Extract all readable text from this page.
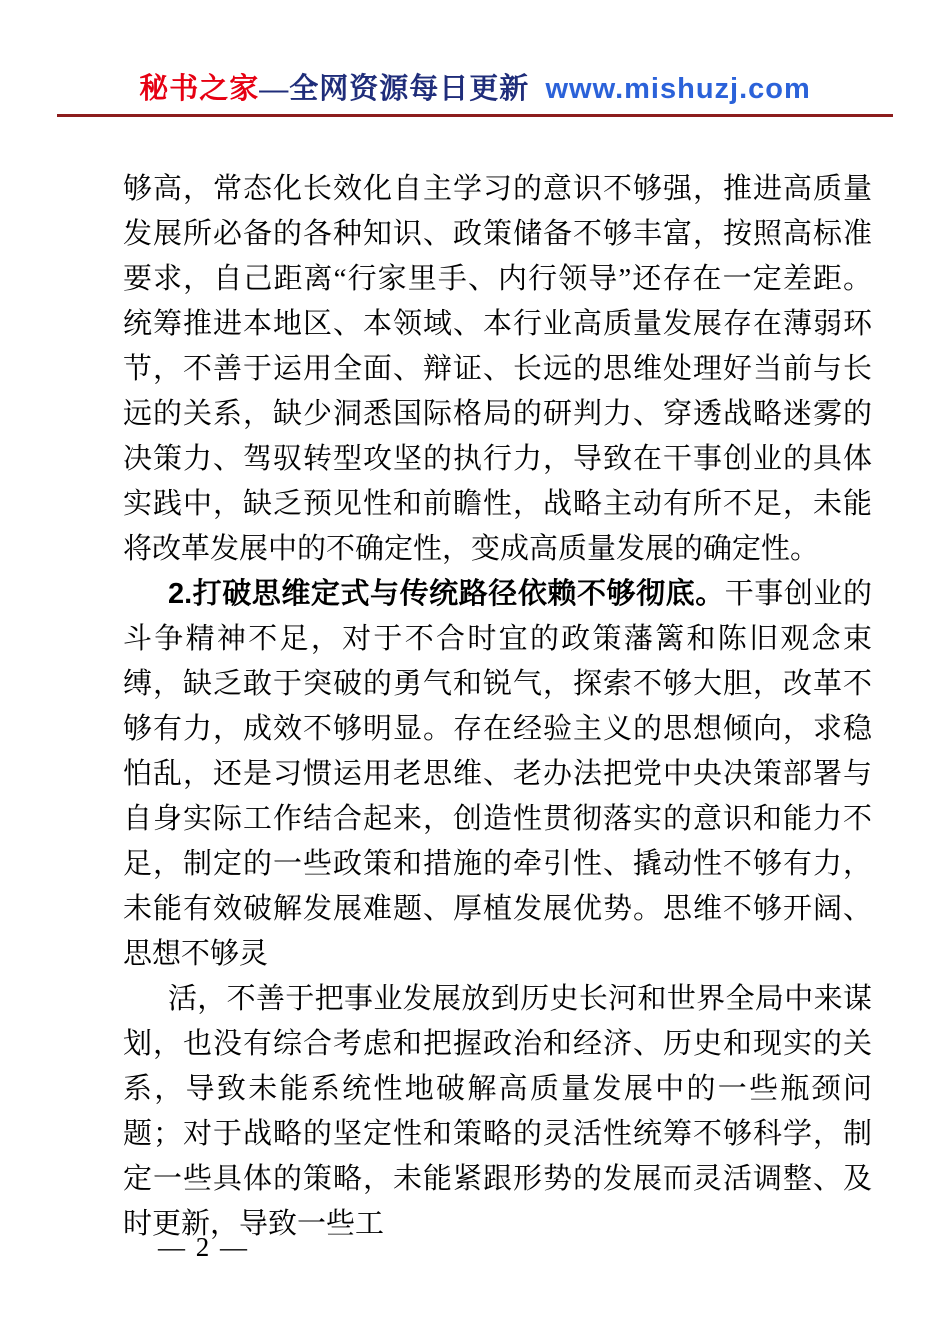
秘书之家—全网资源每日更新 www.mishuzj.com

够高，常态化长效化自主学习的意识不够强，推进高质量发展所必备的各种知识、政策储备不够丰富，按照高标准要求，自己距离“行家里手、内行领导”还存在一定差距。统筹推进本地区、本领域、本行业高质量发展存在薄弱环节，不善于运用全面、辩证、长远的思维处理好当前与长远的关系，缺少洞悉国际格局的研判力、穿透战略迷雾的决策力、驾驭转型攻坚的执行力，导致在干事创业的具体实践中，缺乏预见性和前瞻性，战略主动有所不足，未能将改革发展中的不确定性，变成高质量发展的确定性。

2.打破思维定式与传统路径依赖不够彻底。干事创业的斗争精神不足，对于不合时宜的政策藩篱和陈旧观念束缚，缺乏敢于突破的勇气和锐气，探索不够大胆，改革不够有力，成效不够明显。存在经验主义的思想倾向，求稳怕乱，还是习惯运用老思维、老办法把党中央决策部署与自身实际工作结合起来，创造性贯彻落实的意识和能力不足，制定的一些政策和措施的牵引性、撬动性不够有力，未能有效破解发展难题、厚植发展优势。思维不够开阔、思想不够灵

活，不善于把事业发展放到历史长河和世界全局中来谋划，也没有综合考虑和把握政治和经济、历史和现实的关系，导致未能系统性地破解高质量发展中的一些瓶颈问题；对于战略的坚定性和策略的灵活性统筹不够科学，制定一些具体的策略，未能紧跟形势的发展而灵活调整、及时更新，导致一些工

— 2 —
